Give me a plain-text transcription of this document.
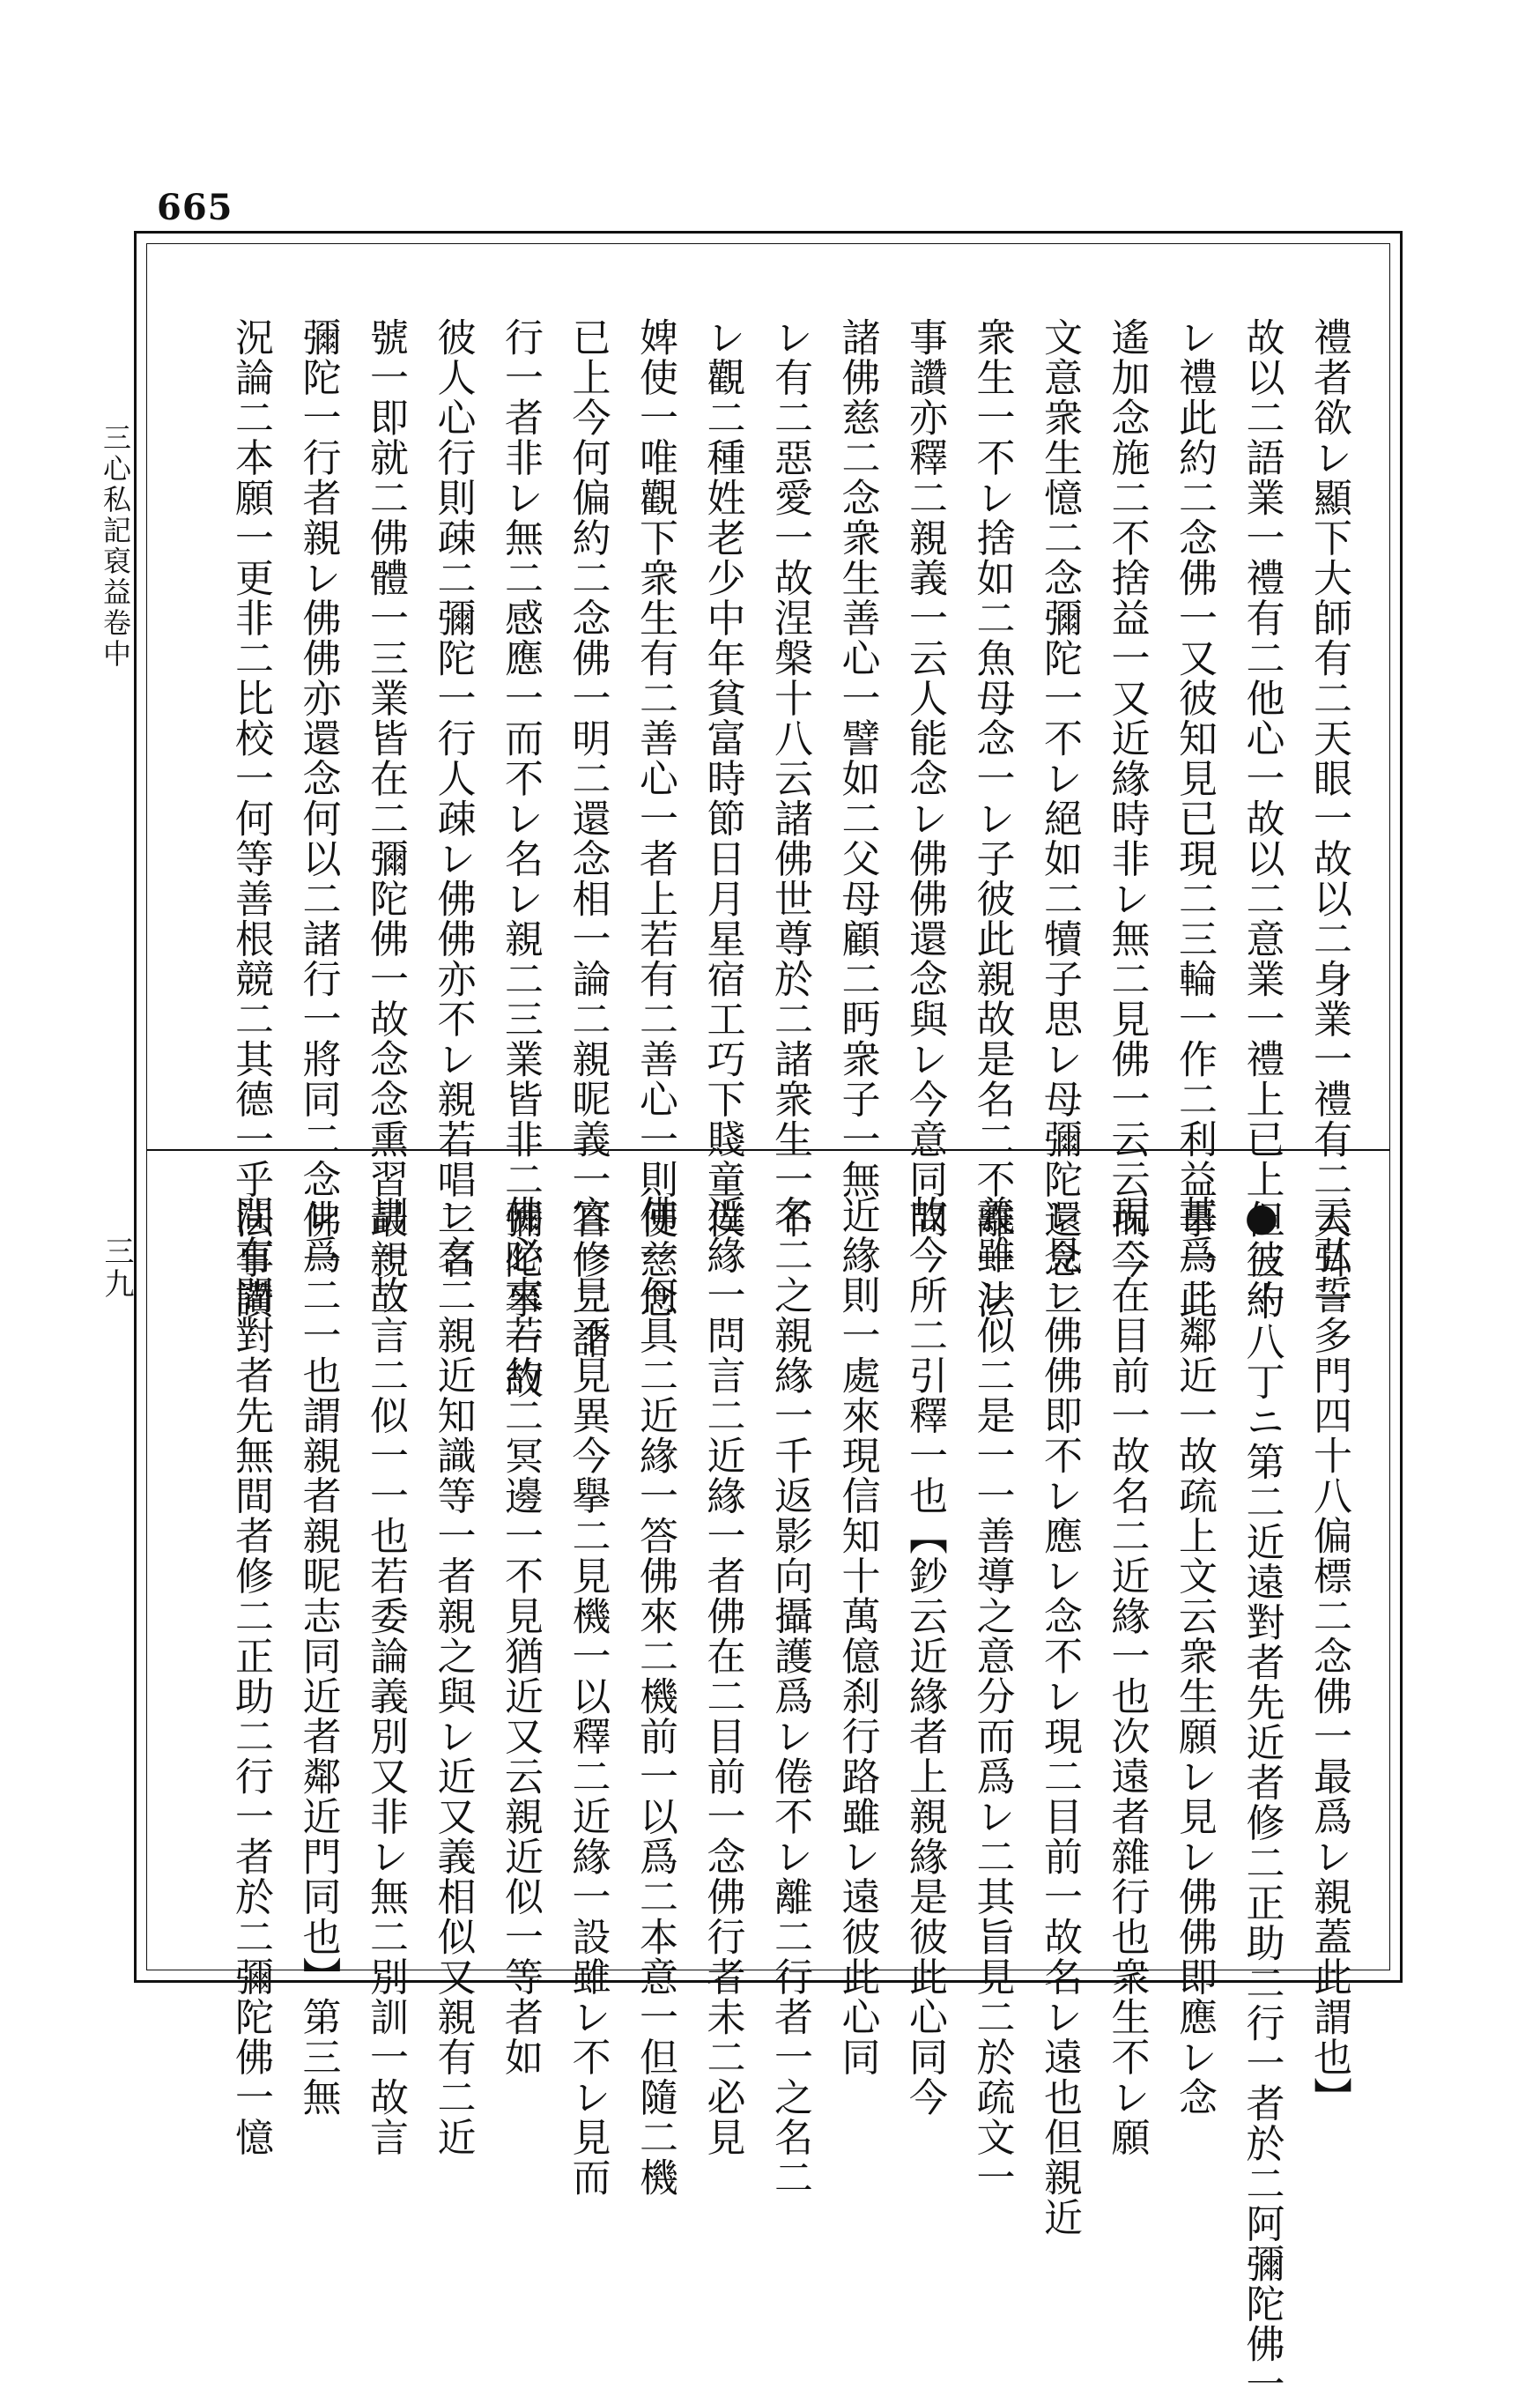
665
三心私記裒益卷中
三九	禮者欲レ顯下大師有二天眼一故以二身業一禮有二天耳一
故以二語業一禮有二他心一故以二意業一禮上已上但彼約
レ禮此約二念佛一又彼知見已現二三輪一作二利益事一此
遙加念施二不捨益一又近緣時非レ無二見佛一云云而今
文意衆生憶二念彌陀一不レ絕如二犢子思レ母彌陀還念二
衆生一不レ捨如二魚母念一レ子彼此親故是名二不離一法
事讚亦釋二親義一云人能念レ佛佛還念與レ今意同問
諸佛慈二念衆生善心一譬如二父母顧二眄衆子一無
レ有二惡愛一故涅槃十八云諸佛世尊於二諸衆生一不
レ觀二種姓老少中年貧富時節日月星宿工巧下賤童僕
婢使一唯觀下衆生有二善心一者上若有二善心一則便慈念
已上今何偏約二念佛一明二還念相一論二親昵義一答修二諸
行一者非レ無二感應一而不レ名レ親二三業皆非二彌陀事一故
彼人心行則疎二彌陀一行人疎レ佛佛亦不レ親若唱二名
號一即就二佛體一三業皆在二彌陀佛一故念念熏習最親二
彌陀一行者親レ佛佛亦還念何以二諸行一將同二念佛一
況論二本願一更非二比校一何等善根競二其德一乎法事讚
云弘誓多門四十八偏標二念佛一最爲レ親蓋此謂也】
●三十八丁ニ第二近遠對者先近者修二正助二行一者於二阿彌陀佛一
甚爲二鄰近一故疏上文云衆生願レ見レ佛佛即應レ念
現二在目前一故名二近緣一也次遠者雜行也衆生不レ願
レ見レ佛佛即不レ應レ念不レ現二目前一故名レ遠也但親近
義雖レ似二是一一善導之意分而爲レ二其旨見二於疏文一
故今所二引釋一也【鈔云近緣者上親緣是彼此心同今
近緣則一處來現信知十萬億刹行路雖レ遠彼此心同
名二之親緣一千返影向攝護爲レ倦不レ離二行者一之名二
近緣一問言二近緣一者佛在二目前一念佛行者未二必見
佛一何具二近緣一答佛來二機前一以爲二本意一但隨二機
宜一見不見異今擧二見機一以釋二近緣一設雖レ不レ見而
佛必來若約二冥邊一不見猶近又云親近似一等者如
レ言二親近知識等一者親之與レ近又義相似又親有二近
訓一故言二似一一也若委論義別又非レ無二別訓一故言
レ爲二一也謂親者親昵志同近者鄰近門同也】第三無
間有間對者先無間者修二正助二行一者於二彌陀佛一憶
